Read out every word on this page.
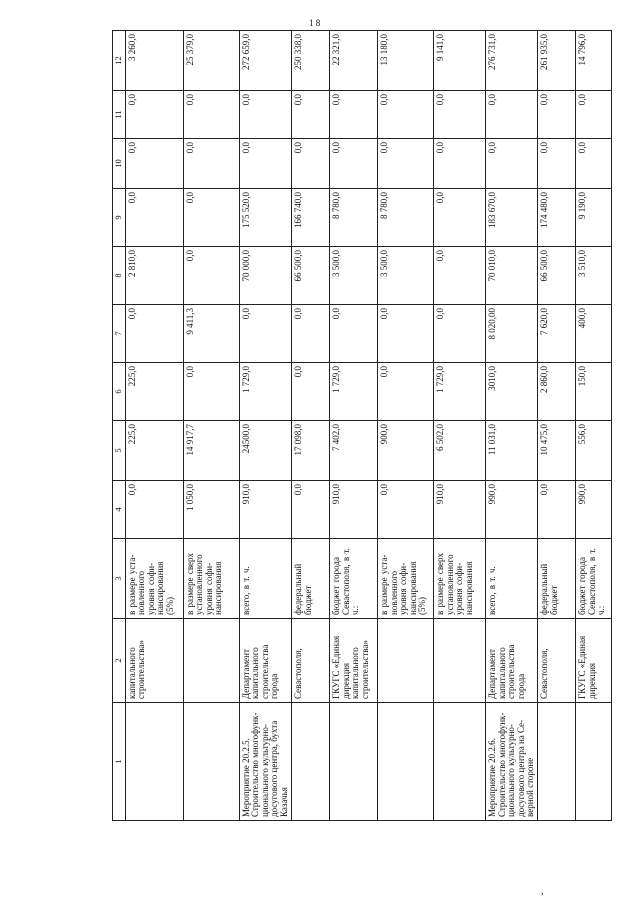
1 8
1	2	3	4	5	6	7	8	9	10	11	12
	капитального строительства»	в размере уста-новленного уровня софи-нансирования (5%)	0,0	225,0	225,0	0,0	2 810,0	0,0	0,0	0,0	3 260,0
		в размере сверх установленного уровня софи-нансирования	1 050,0	14 917,7	0,0	9 411,3	0,0	0,0	0,0	0,0	25 379,0
Мероприятие 20.2.5. Строительство многофунк-ционального культурно-досугового центра, бухта Казачья	Департамент капитального строительства города	всего, в т. ч.	910,0	24500,0	1 729,0	0,0	70 000,0	175 520,0	0,0	0,0	272 659,0
	Севастополя,	федеральный бюджет	0,0	17 098,0	0,0	0,0	66 500,0	166 740,0	0,0	0,0	250 338,0
	ГКУГС «Единая дирекция капитального строительства»	бюджет города Севастополя, в т. ч.:	910,0	7 402,0	1 729,0	0,0	3 500,0	8 780,0	0,0	0,0	22 321,0
		в размере уста-новленного уровня софи-нансирования (5%)	0,0	900,0	0,0	0,0	3 500,0	8 780,0	0,0	0,0	13 180,0
		в размере сверх установленного уровня софи-нансирования	910,0	6 502,0	1 729,0	0,0	0,0	0,0	0,0	0,0	9 141,0
Мероприятие 20.2.6. Строительство многофунк-ционального культурно-досугового центра на Се-верной стороне	Департамент капитального строительства города	всего, в т. ч.	990,0	11 031,0	3010,0	8 020,00	70 010,0	183 670,0	0,0	0,0	276 731,0
	Севастополя,	федеральный бюджет	0,0	10 475,0	2 860,0	7 620,0	66 500,0	174 480,0	0,0	0,0	261 935,0
	ГКУГС «Единая дирекция	бюджет города Севастополя, в т. ч.:	990,0	556,0	150,0	400,0	3 510,0	9 190,0	0,0	0,0	14 796,0
,
